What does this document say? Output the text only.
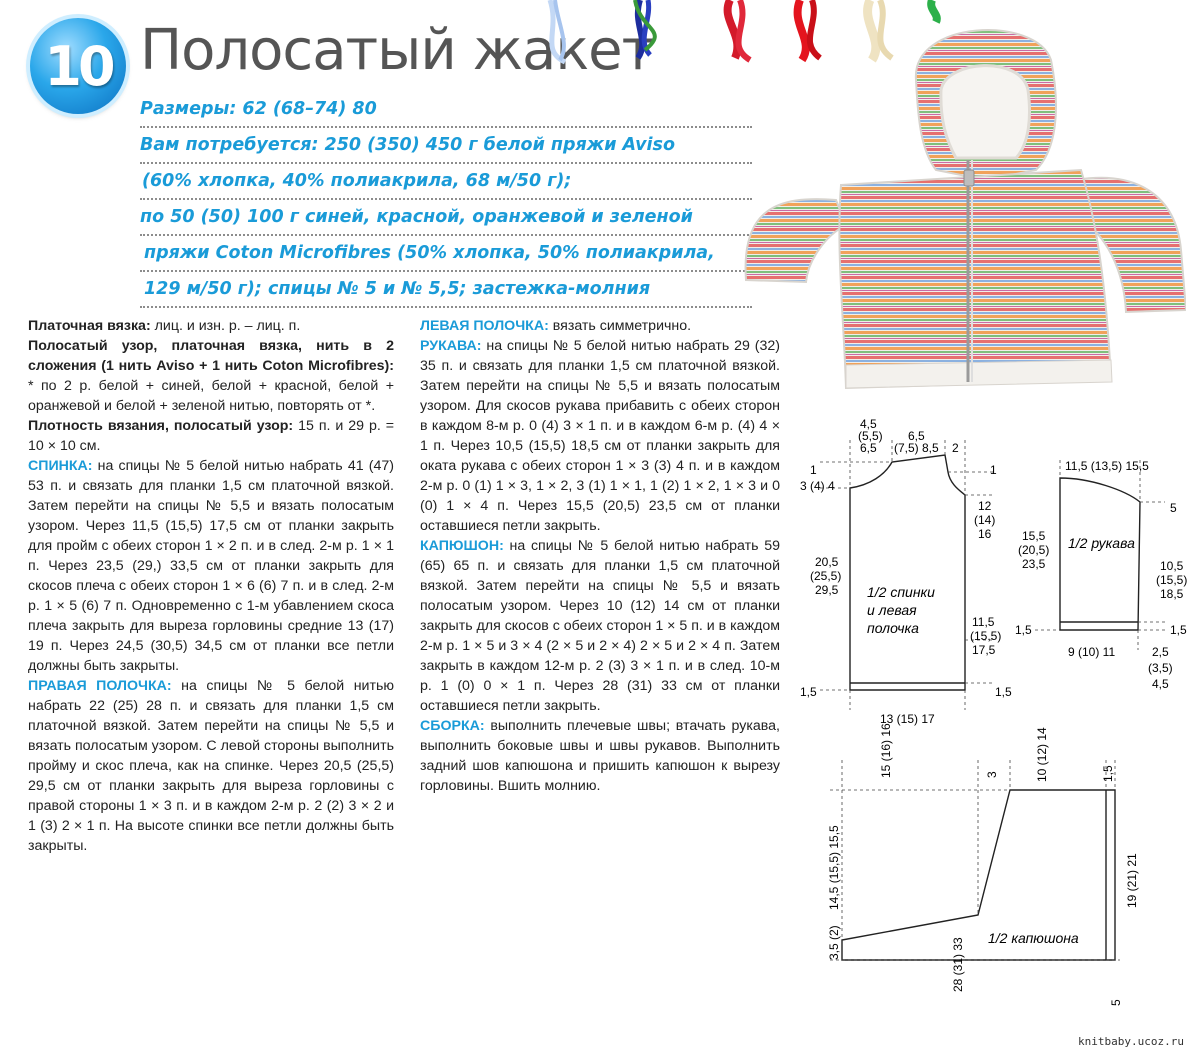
10 Полосатый жакет
Размеры: 62 (68–74) 80
Вам потребуется: 250 (350) 450 г белой пряжи Aviso
(60% хлопка, 40% полиакрила, 68 м/50 г);
по 50 (50) 100 г синей, красной, оранжевой и зеленой
пряжи Coton Microfibres (50% хлопка, 50% полиакрила,
129 м/50 г); спицы № 5 и № 5,5; застежка-молния

Платочная вязка: лиц. и изн. р. – лиц. п.

Полосатый узор, платочная вязка, нить в 2 сложения (1 нить Aviso + 1 нить Coton Microfibres): * по 2 р. белой + синей, белой + красной, белой + оранжевой и белой + зеленой нитью, повторять от *.

Плотность вязания, полосатый узор: 15 п. и 29 р. = 10 × 10 см.

СПИНКА: на спицы № 5 белой нитью набрать 41 (47) 53 п. и связать для планки 1,5 см платочной вязкой. Затем перейти на спицы № 5,5 и вязать полосатым узором. Через 11,5 (15,5) 17,5 см от планки закрыть для пройм с обеих сторон 1 × 2 п. и в след. 2-м р. 1 × 1 п. Через 23,5 (29,) 33,5 см от планки закрыть для скосов плеча с обеих сторон 1 × 6 (6) 7 п. и в след. 2-м р. 1 × 5 (6) 7 п. Одновременно с 1-м убавлением скоса плеча закрыть для выреза горловины средние 13 (17) 19 п. Через 24,5 (30,5) 34,5 см от планки все петли должны быть закрыты.

ПРАВАЯ ПОЛОЧКА: на спицы № 5 белой нитью набрать 22 (25) 28 п. и связать для планки 1,5 см платочной вязкой. Затем перейти на спицы № 5,5 и вязать полосатым узором. С левой стороны выполнить пройму и скос плеча, как на спинке. Через 20,5 (25,5) 29,5 см от планки закрыть для выреза горловины с правой стороны 1 × 3 п. и в каждом 2-м р. 2 (2) 3 × 2 и 1 (3) 2 × 1 п. На высоте спинки все петли должны быть закрыты.

ЛЕВАЯ ПОЛОЧКА: вязать симметрично.

РУКАВА: на спицы № 5 белой нитью набрать 29 (32) 35 п. и связать для планки 1,5 см платочной вязкой. Затем перейти на спицы № 5,5 и вязать полосатым узором. Для скосов рукава прибавить с обеих сторон в каждом 8-м р. 0 (4) 3 × 1 п. и в каждом 6-м р. (4) 4 × 1 п. Через 10,5 (15,5) 18,5 см от планки закрыть для оката рукава с обеих сторон 1 × 3 (3) 4 п. и в каждом 2-м р. 0 (1) 1 × 3, 1 × 2, 3 (1) 1 × 1, 1 (2) 1 × 2, 1 × 3 и 0 (0) 1 × 4 п. Через 15,5 (20,5) 23,5 см от планки оставшиеся петли закрыть.

КАПЮШОН: на спицы № 5 белой нитью набрать 59 (65) 65 п. и связать для планки 1,5 см платочной вязкой. Затем перейти на спицы № 5,5 и вязать полосатым узором. Через 10 (12) 14 см от планки закрыть для скосов с обеих сторон 1 × 5 п. и в каждом 2-м р. 1 × 5 и 3 × 4 (2 × 5 и 2 × 4) 2 × 5 и 2 × 4 п. Затем закрыть в каждом 12-м р. 2 (3) 3 × 1 п. и в след. 10-м р. 1 (0) 0 × 1 п. Через 28 (31) 33 см от планки оставшиеся петли закрыть.

СБОРКА: выполнить плечевые швы; втачать рукава, выполнить боковые швы и швы рукавов. Выполнить задний шов капюшона и пришить капюшон к вырезу горловины. Вшить молнию.

4,5
(5,5)
6,5
6,5
(7,5) 8,5 2
1
3 (4) 4
1
12
(14)
16
20,5
(25,5)
29,5
11,5
(15,5)
17,5
1,5	1,5
13 (15) 17
1/2 спинки
и левая
полочка
11,5 (13,5) 15,5
5
15,5
(20,5)
23,5	10,5
(15,5)
18,5
1,5	1,5
9 (10) 11	2,5
(3,5)
4,5
1/2 рукава
15 (16) 16	3	10 (12) 14	1,5
14,5 (15,5) 15,5	19 (21) 21
3,5 (2)	28 (31) 33
5
1/2 капюшона
knitbaby.ucoz.ru
